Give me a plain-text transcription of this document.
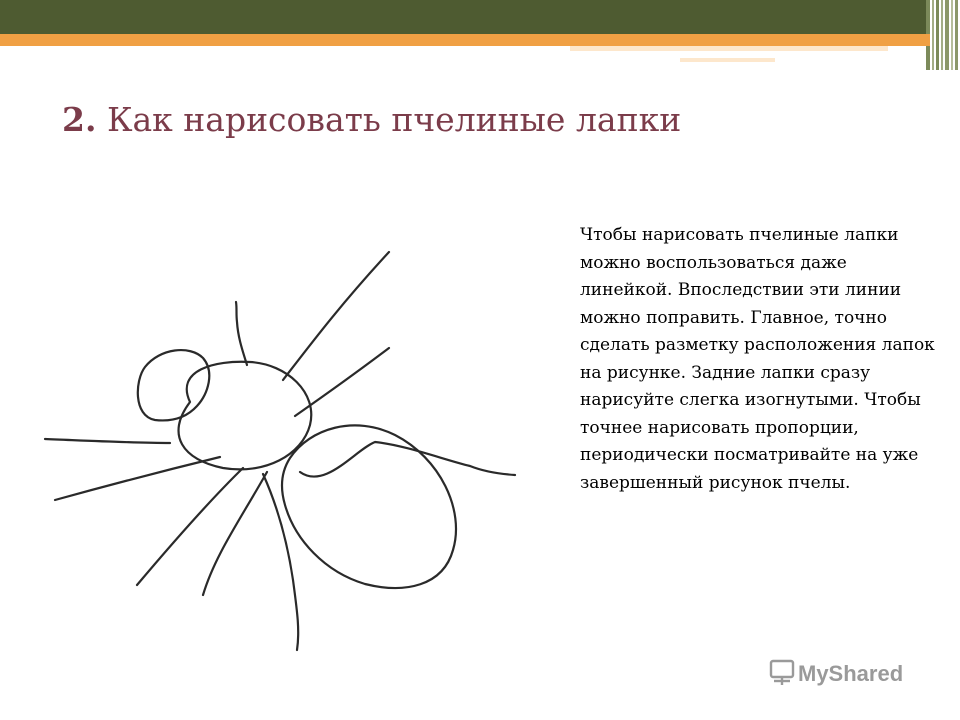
2. Как нарисовать пчелиные лапки

Чтобы нарисовать пчелиные лапки можно воспользоваться даже линейкой. Впоследствии эти линии можно поправить. Главное, точно сделать разметку расположения лапок на рисунке. Задние лапки сразу нарисуйте слегка изогнутыми. Чтобы точнее нарисовать пропорции, периодически посматривайте на уже завершенный рисунок пчелы.

MyShared
